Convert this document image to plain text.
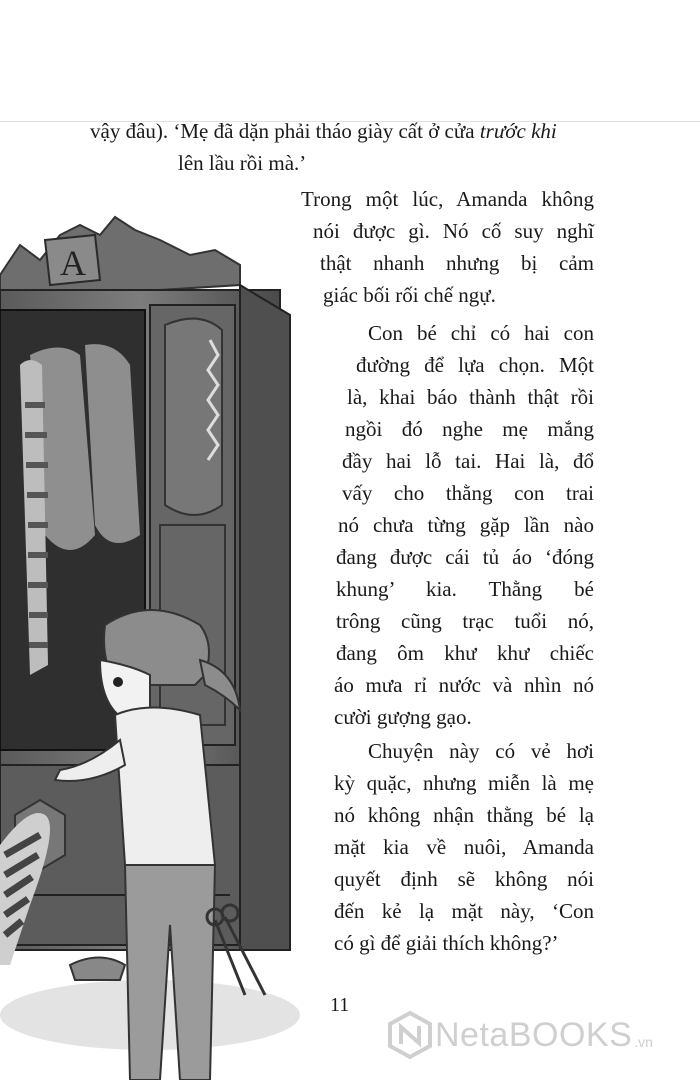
A
vậy đâu). ‘Mẹ đã dặn phải tháo giày cất ở cửa trước khi
lên lầu rồi mà.’
Trong một lúc, Amanda không
nói được gì. Nó cố suy nghĩ
thật nhanh nhưng bị cảm
giác bối rối chế ngự.
Con bé chỉ có hai con
đường để lựa chọn. Một
là, khai báo thành thật rồi
ngồi đó nghe mẹ mắng
đầy hai lỗ tai. Hai là, đổ
vấy cho thằng con trai
nó chưa từng gặp lần nào
đang được cái tủ áo ‘đóng
khung’ kia. Thằng bé
trông cũng trạc tuổi nó,
đang ôm khư khư chiếc
áo mưa rỉ nước và nhìn nó
cười gượng gạo.
Chuyện này có vẻ hơi
kỳ quặc, nhưng miễn là mẹ
nó không nhận thằng bé lạ
mặt kia về nuôi, Amanda
quyết định sẽ không nói
đến kẻ lạ mặt này, ‘Con
có gì để giải thích không?’
11
NetaBOOKS .vn
